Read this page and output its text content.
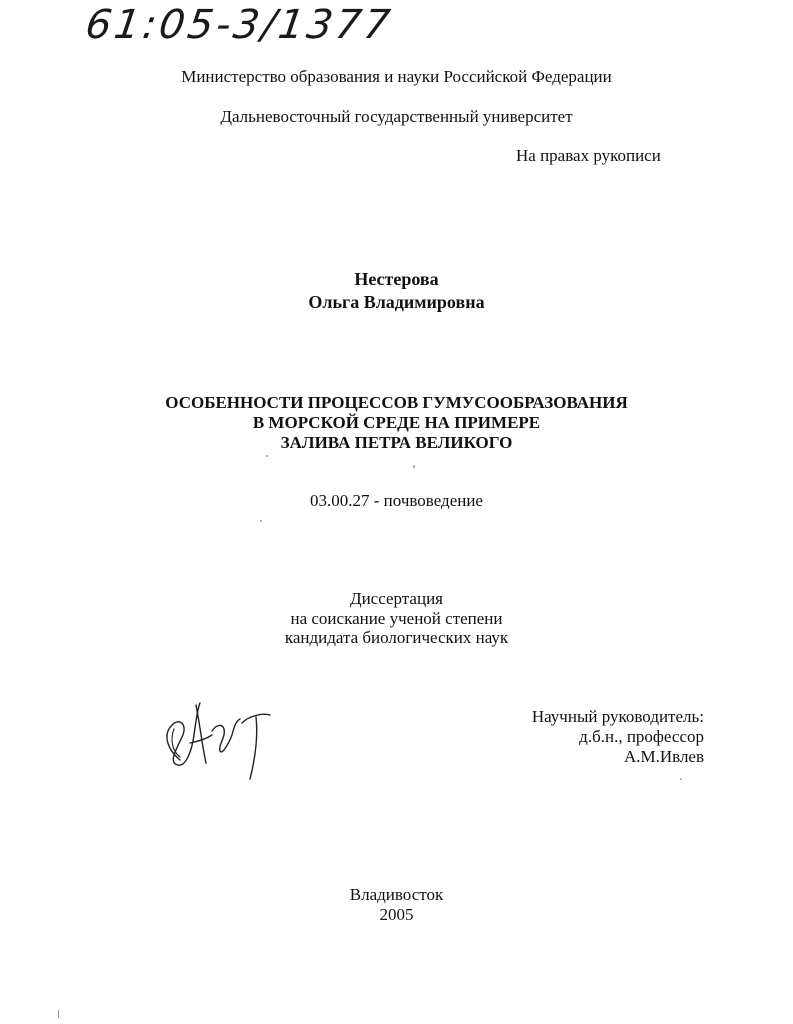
61:05-3/1377
Министерство образования и науки Российской Федерации
Дальневосточный государственный университет
На правах рукописи
Нестерова
Ольга Владимировна
ОСОБЕННОСТИ ПРОЦЕССОВ ГУМУСООБРАЗОВАНИЯ
В МОРСКОЙ СРЕДЕ НА ПРИМЕРЕ
ЗАЛИВА ПЕТРА ВЕЛИКОГО
03.00.27 - почвоведение
Диссертация
на соискание ученой степени
кандидата биологических наук
Научный руководитель:
д.б.н., профессор
А.М.Ивлев
Владивосток
2005
